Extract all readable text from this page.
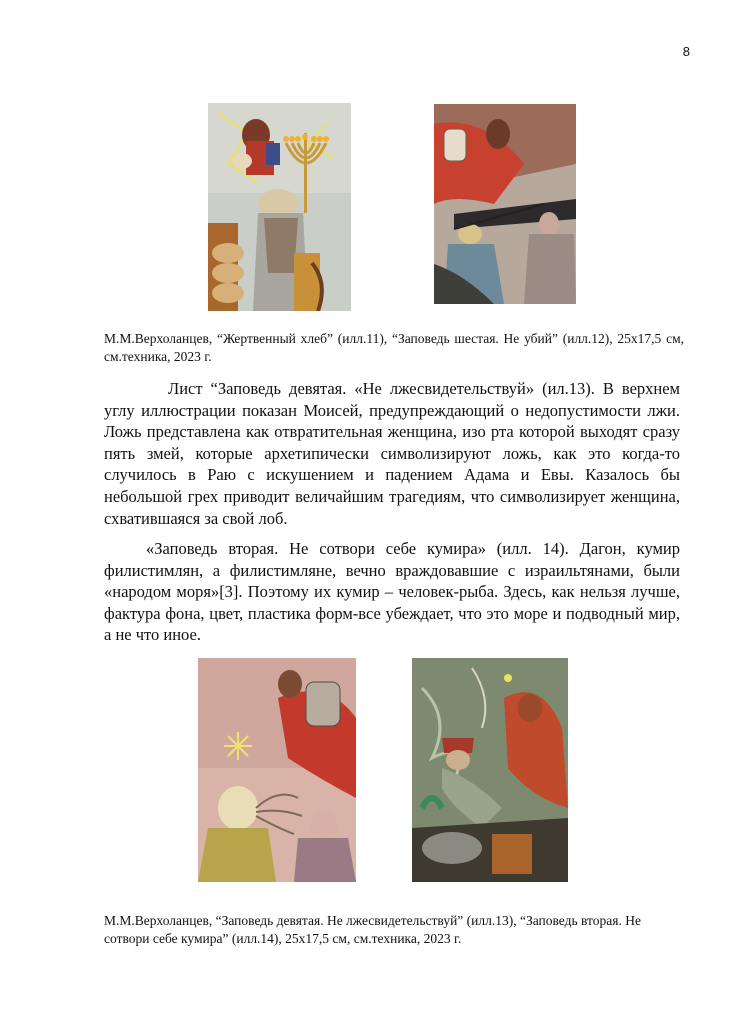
8
М.М.Верхоланцев, “Жертвенный хлеб” (илл.11), “Заповедь шестая. Не убий” (илл.12), 25х17,5 см, см.техника, 2023 г.

Лист “Заповедь девятая. «Не лжесвидетельствуй» (ил.13). В верхнем углу иллюстрации показан Моисей, предупреждающий о недопустимости лжи. Ложь представлена как отвратительная женщина, изо рта которой выходят сразу пять змей, которые архетипически символизируют ложь, как это когда-то случилось в Раю с искушением и падением Адама и Евы. Казалось бы небольшой грех приводит величайшим трагедиям, что символизирует женщина, схватившаяся за свой лоб.

«Заповедь вторая. Не сотвори себе кумира» (илл. 14). Дагон, кумир филистимлян, а филистимляне, вечно враждовавшие с израильтянами, были «народом моря»[3]. Поэтому их кумир – человек-рыба. Здесь, как нельзя лучше, фактура фона, цвет, пластика форм-все убеждает, что это море и подводный мир, а не что иное.

М.М.Верхоланцев, “Заповедь девятая. Не лжесвидетельствуй” (илл.13), “Заповедь вторая. Не сотвори себе кумира” (илл.14), 25х17,5 см, см.техника, 2023 г.
